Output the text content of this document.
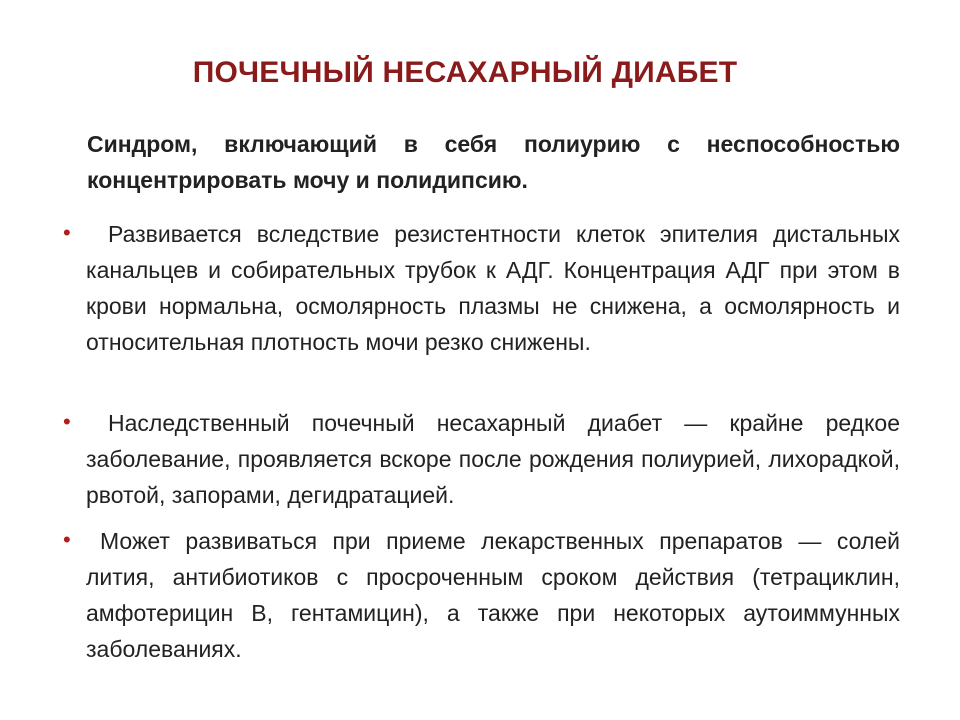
ПОЧЕЧНЫЙ НЕСАХАРНЫЙ ДИАБЕТ
Синдром, включающий в себя полиурию с неспособностью концентрировать мочу и полидипсию.
•	Развивается вследствие резистентности клеток эпителия дистальных канальцев и собирательных трубок к АДГ. Концентрация АДГ при этом в крови нормальна, осмолярность плазмы не снижена, а осмолярность и относительная плотность мочи резко снижены.
•	Наследственный почечный несахарный диабет — крайне редкое заболевание, проявляется вскоре после рождения полиурией, лихорадкой, рвотой, запорами, дегидратацией.
•	Может развиваться при приеме лекарственных препаратов — солей лития, антибиотиков с просроченным сроком действия (тетрациклин, амфотерицин В, гентамицин), а также при некоторых аутоиммунных заболеваниях.
